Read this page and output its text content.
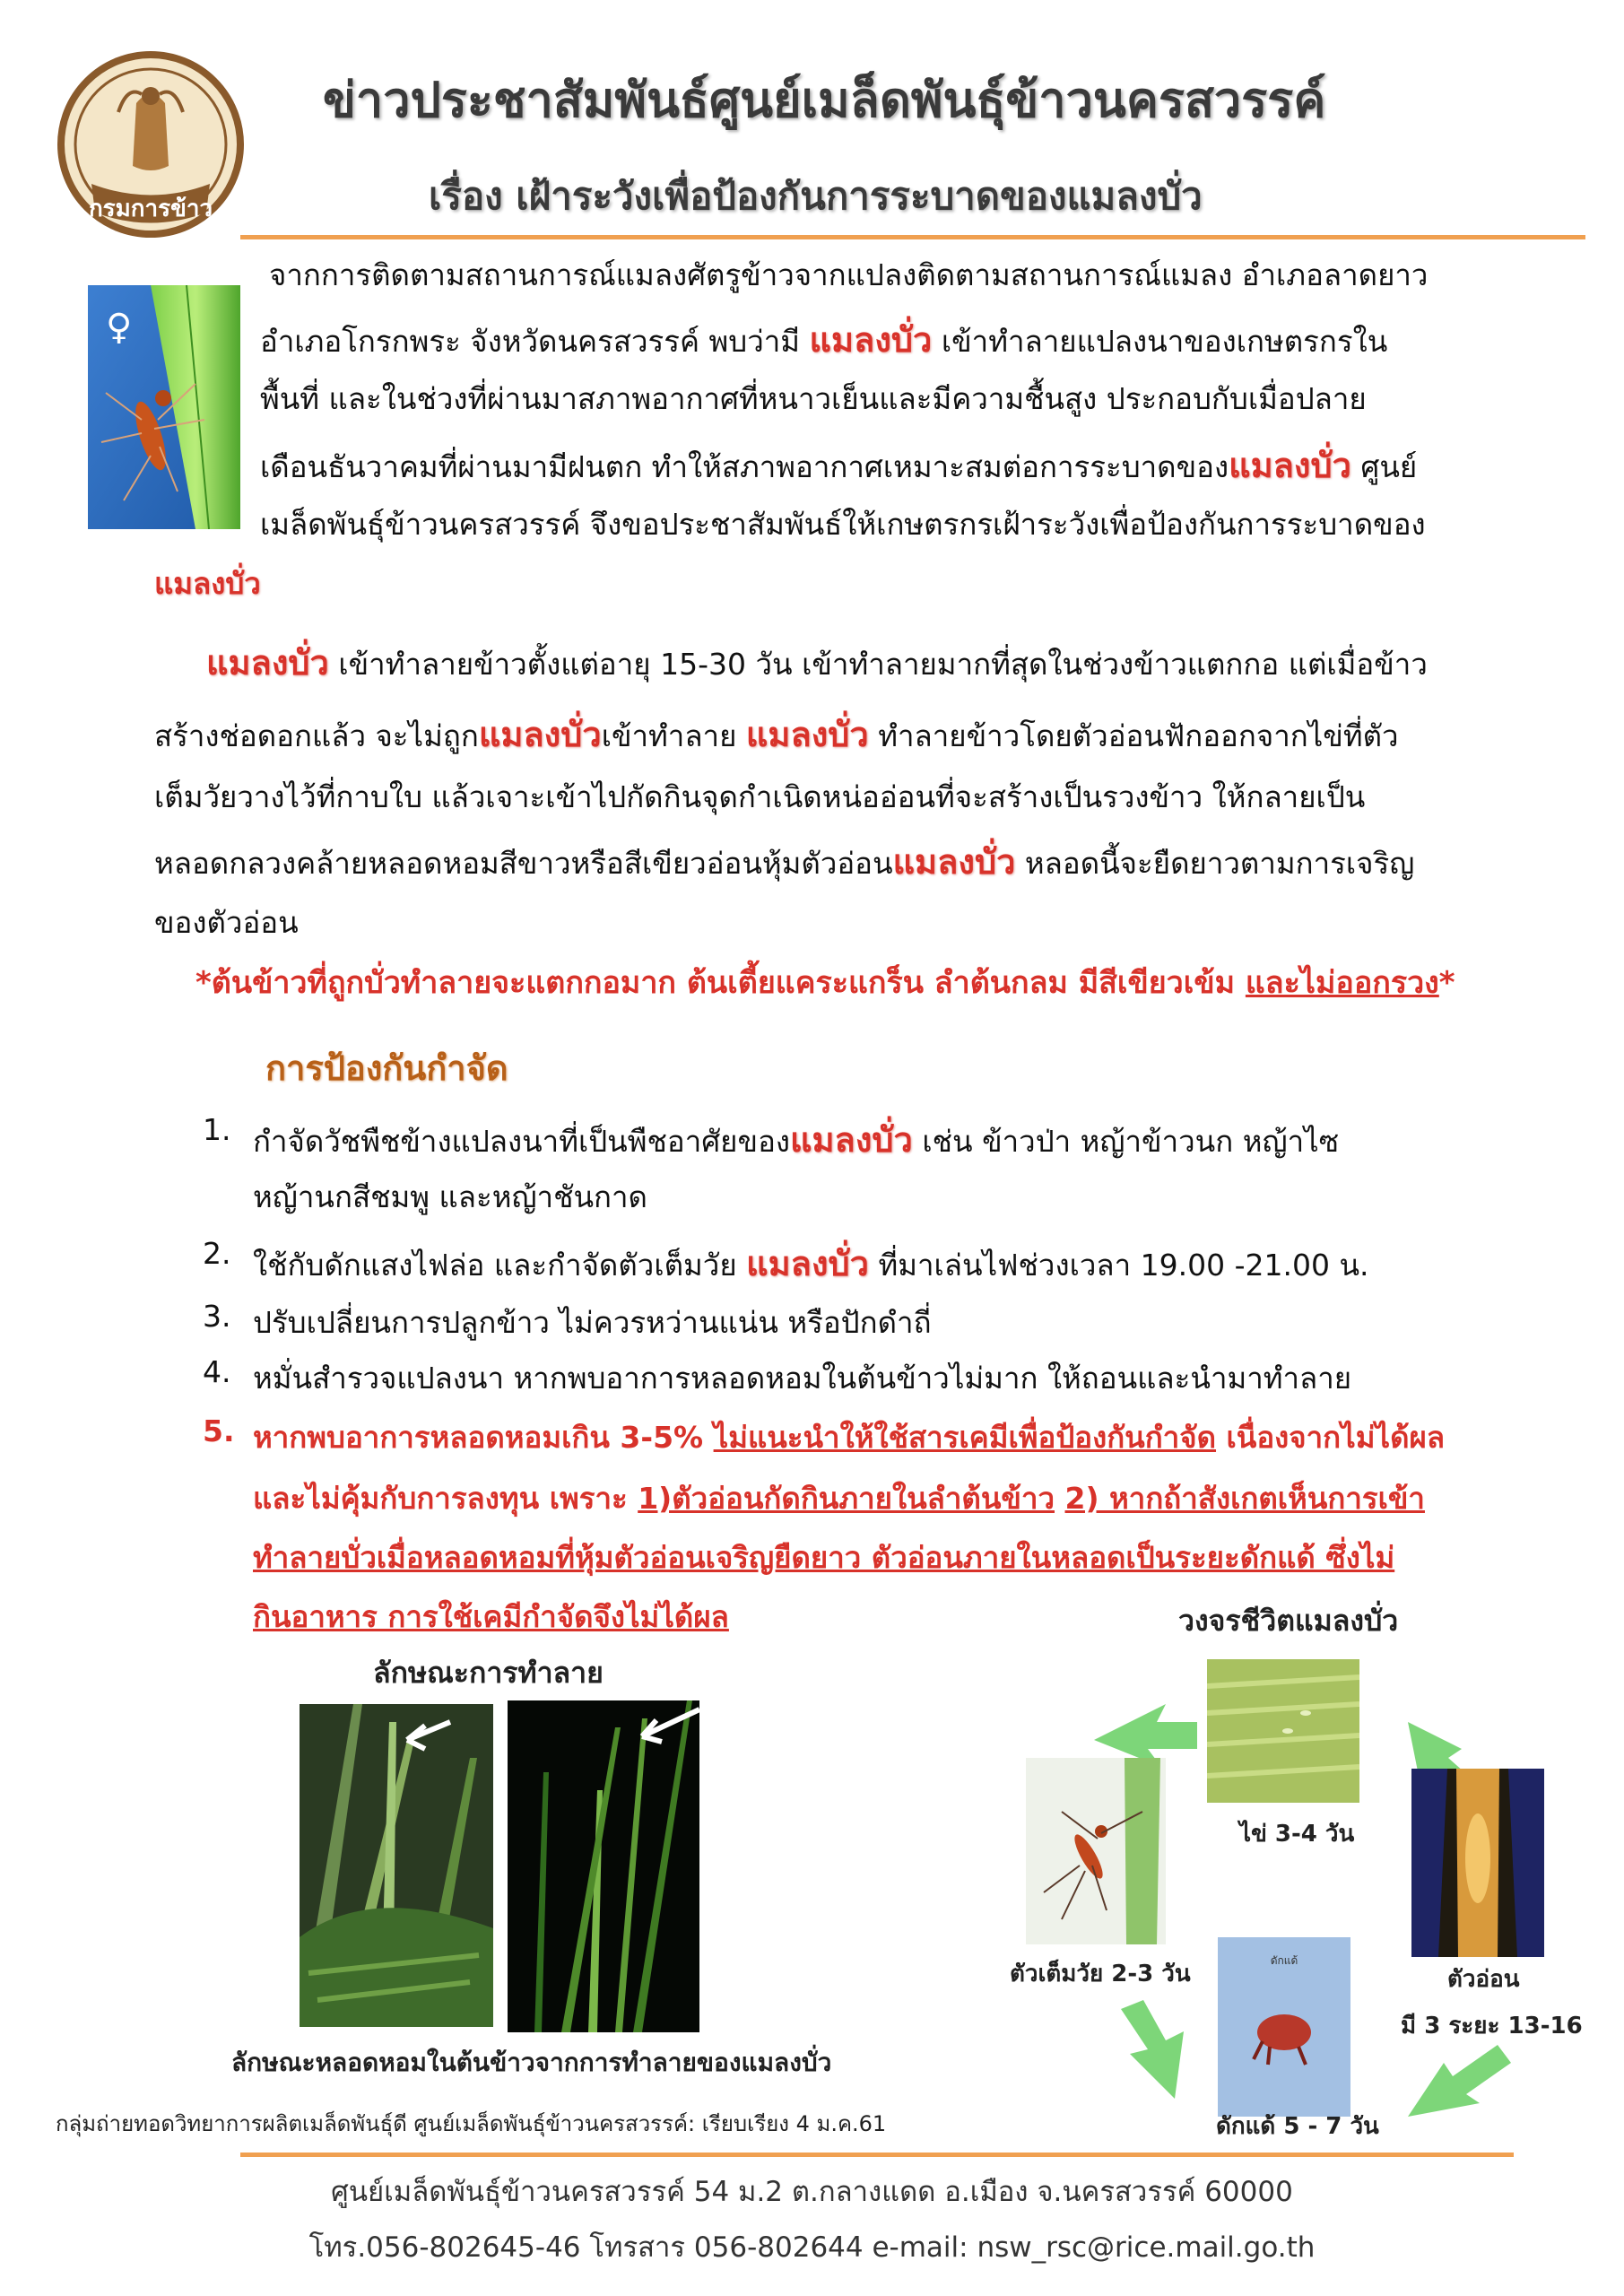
กรมการข้าว
ข่าวประชาสัมพันธ์ศูนย์เมล็ดพันธุ์ข้าวนครสวรรค์
เรื่อง เฝ้าระวังเพื่อป้องกันการระบาดของแมลงบั่ว
♀
จากการติดตามสถานการณ์แมลงศัตรูข้าวจากแปลงติดตามสถานการณ์แมลง อำเภอลาดยาว
อำเภอโกรกพระ จังหวัดนครสวรรค์ พบว่ามี แมลงบั่ว เข้าทำลายแปลงนาของเกษตรกรใน
พื้นที่ และในช่วงที่ผ่านมาสภาพอากาศที่หนาวเย็นและมีความชื้นสูง ประกอบกับเมื่อปลาย
เดือนธันวาคมที่ผ่านมามีฝนตก ทำให้สภาพอากาศเหมาะสมต่อการระบาดของแมลงบั่ว ศูนย์
เมล็ดพันธุ์ข้าวนครสวรรค์ จึงขอประชาสัมพันธ์ให้เกษตรกรเฝ้าระวังเพื่อป้องกันการระบาดของ
แมลงบั่ว
แมลงบั่ว เข้าทำลายข้าวตั้งแต่อายุ 15-30 วัน เข้าทำลายมากที่สุดในช่วงข้าวแตกกอ แต่เมื่อข้าว
สร้างช่อดอกแล้ว จะไม่ถูกแมลงบั่วเข้าทำลาย แมลงบั่ว ทำลายข้าวโดยตัวอ่อนฟักออกจากไข่ที่ตัว
เต็มวัยวางไว้ที่กาบใบ แล้วเจาะเข้าไปกัดกินจุดกำเนิดหน่ออ่อนที่จะสร้างเป็นรวงข้าว ให้กลายเป็น
หลอดกลวงคล้ายหลอดหอมสีขาวหรือสีเขียวอ่อนหุ้มตัวอ่อนแมลงบั่ว หลอดนี้จะยืดยาวตามการเจริญ
ของตัวอ่อน
*ต้นข้าวที่ถูกบั่วทำลายจะแตกกอมาก ต้นเตี้ยแคระแกร็น ลำต้นกลม มีสีเขียวเข้ม และไม่ออกรวง*
การป้องกันกำจัด
1. กำจัดวัชพืชข้างแปลงนาที่เป็นพืชอาศัยของแมลงบั่ว เช่น ข้าวป่า หญ้าข้าวนก หญ้าไซ
หญ้านกสีชมพู และหญ้าชันกาด
2. ใช้กับดักแสงไฟล่อ และกำจัดตัวเต็มวัย แมลงบั่ว ที่มาเล่นไฟช่วงเวลา 19.00 -21.00 น.
3. ปรับเปลี่ยนการปลูกข้าว ไม่ควรหว่านแน่น หรือปักดำถี่
4. หมั่นสำรวจแปลงนา หากพบอาการหลอดหอมในต้นข้าวไม่มาก ให้ถอนและนำมาทำลาย
5. หากพบอาการหลอดหอมเกิน 3-5% ไม่แนะนำให้ใช้สารเคมีเพื่อป้องกันกำจัด เนื่องจากไม่ได้ผล
และไม่คุ้มกับการลงทุน เพราะ 1)ตัวอ่อนกัดกินภายในลำต้นข้าว 2) หากถ้าสังเกตเห็นการเข้า
ทำลายบั่วเมื่อหลอดหอมที่หุ้มตัวอ่อนเจริญยืดยาว ตัวอ่อนภายในหลอดเป็นระยะดักแด้ ซึ่งไม่
กินอาหาร การใช้เคมีกำจัดจึงไม่ได้ผล
ลักษณะการทำลาย
ลักษณะหลอดหอมในต้นข้าวจากการทำลายของแมลงบั่ว
วงจรชีวิตแมลงบั่ว
ไข่ 3-4 วัน
ตัวอ่อน
มี 3 ระยะ 13-16
ดักแด้
ดักแด้ 5 - 7 วัน
ตัวเต็มวัย 2-3 วัน
กลุ่มถ่ายทอดวิทยาการผลิตเมล็ดพันธุ์ดี ศูนย์เมล็ดพันธุ์ข้าวนครสวรรค์: เรียบเรียง 4 ม.ค.61
ศูนย์เมล็ดพันธุ์ข้าวนครสวรรค์ 54 ม.2 ต.กลางแดด อ.เมือง จ.นครสวรรค์ 60000
โทร.056-802645-46 โทรสาร 056-802644 e-mail: nsw_rsc@rice.mail.go.th
